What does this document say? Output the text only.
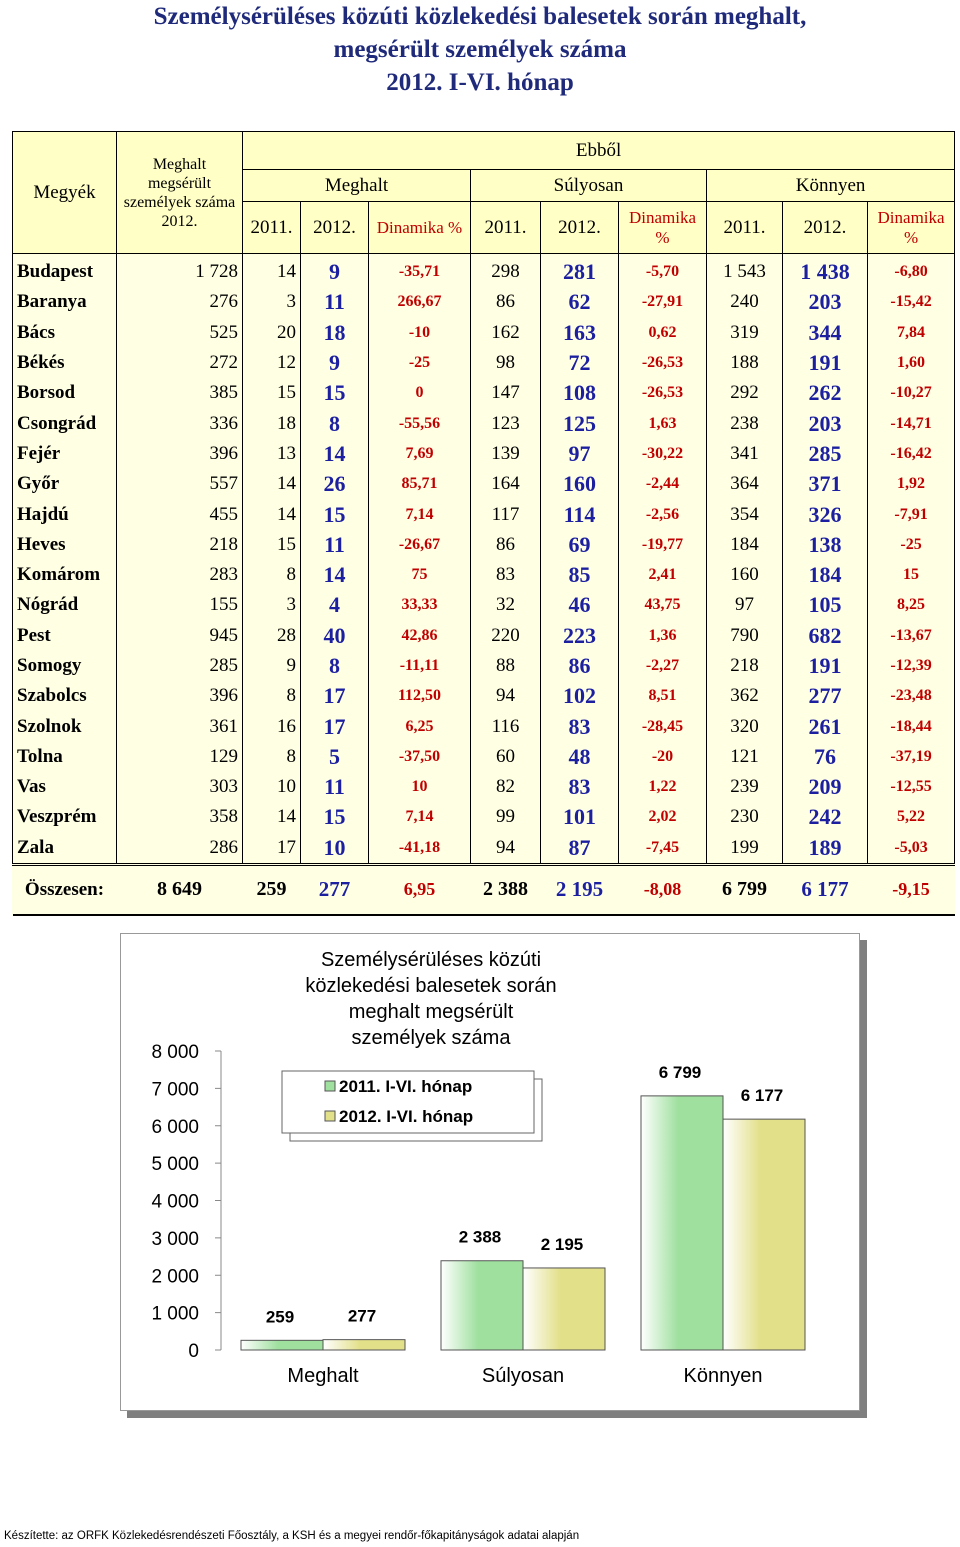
Személysérüléses közúti közlekedési balesetek során meghalt,
megsérült személyek száma
2012. I-VI. hónap
Megyék	Meghalt megsérült személyek száma 2012.	Ebből								
		Meghalt			Súlyosan			Könnyen		
		2011.	2012.	Dinamika %	2011.	2012.	Dinamika %	2011.	2012.	Dinamika %
Budapest	1 728	14	9	-35,71	298	281	-5,70	1 543	1 438	-6,80
Baranya	276	3	11	266,67	86	62	-27,91	240	203	-15,42
Bács	525	20	18	-10	162	163	0,62	319	344	7,84
Békés	272	12	9	-25	98	72	-26,53	188	191	1,60
Borsod	385	15	15	0	147	108	-26,53	292	262	-10,27
Csongrád	336	18	8	-55,56	123	125	1,63	238	203	-14,71
Fejér	396	13	14	7,69	139	97	-30,22	341	285	-16,42
Győr	557	14	26	85,71	164	160	-2,44	364	371	1,92
Hajdú	455	14	15	7,14	117	114	-2,56	354	326	-7,91
Heves	218	15	11	-26,67	86	69	-19,77	184	138	-25
Komárom	283	8	14	75	83	85	2,41	160	184	15
Nógrád	155	3	4	33,33	32	46	43,75	97	105	8,25
Pest	945	28	40	42,86	220	223	1,36	790	682	-13,67
Somogy	285	9	8	-11,11	88	86	-2,27	218	191	-12,39
Szabolcs	396	8	17	112,50	94	102	8,51	362	277	-23,48
Szolnok	361	16	17	6,25	116	83	-28,45	320	261	-18,44
Tolna	129	8	5	-37,50	60	48	-20	121	76	-37,19
Vas	303	10	11	10	82	83	1,22	239	209	-12,55
Veszprém	358	14	15	7,14	99	101	2,02	230	242	5,22
Zala	286	17	10	-41,18	94	87	-7,45	199	189	-5,03
Összesen:	8 649	259	277	6,95	2 388	2 195	-8,08	6 799	6 177	-9,15
0
1 000
2 000
3 000
4 000
5 000
6 000
7 000
8 000
259	277
Meghalt
2 388 2 195
Súlyosan
6 799
6 177
Könnyen
Személysérüléses közúti közlekedési balesetek során meghalt megsérült személyek száma
2011. I-VI. hónap
2012. I-VI. hónap
Készítette: az ORFK Közlekedésrendészeti Főosztály, a KSH és a megyei rendőr-főkapitányságok adatai alapján
